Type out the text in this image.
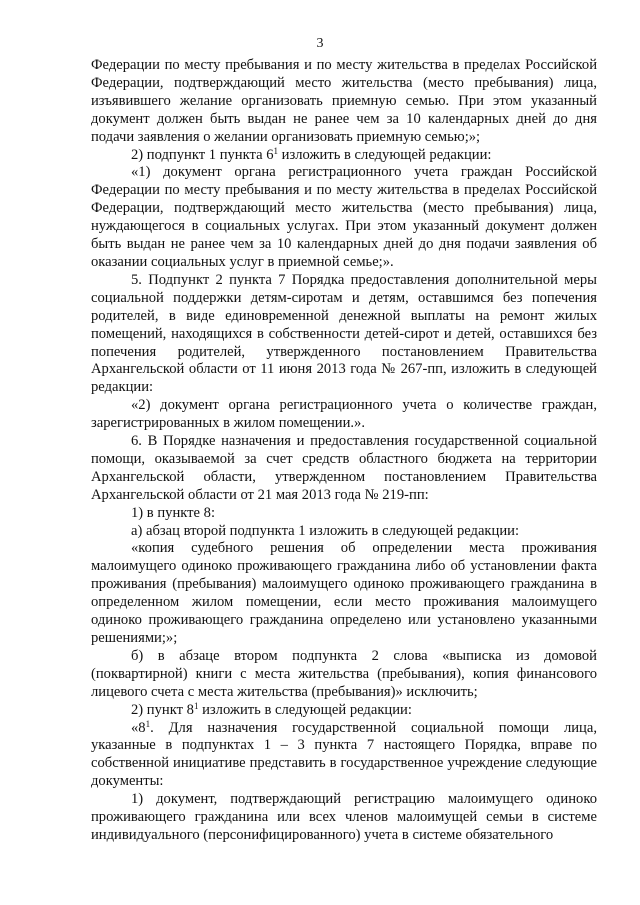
3

Федерации по месту пребывания и по месту жительства в пределах Российской Федерации, подтверждающий место жительства (место пребывания) лица, изъявившего желание организовать приемную семью. При этом указанный документ должен быть выдан не ранее чем за 10 календарных дней до дня подачи заявления о желании организовать приемную семью;»;

2) подпункт 1 пункта $6^1$ изложить в следующей редакции:

«1) документ органа регистрационного учета граждан Российской Федерации по месту пребывания и по месту жительства в пределах Российской Федерации, подтверждающий место жительства (место пребывания) лица, нуждающегося в социальных услугах. При этом указанный документ должен быть выдан не ранее чем за 10 календарных дней до дня подачи заявления об оказании социальных услуг в приемной семье;».

5. Подпункт 2 пункта 7 Порядка предоставления дополнительной меры социальной поддержки детям-сиротам и детям, оставшимся без попечения родителей, в виде единовременной денежной выплаты на ремонт жилых помещений, находящихся в собственности детей-сирот и детей, оставшихся без попечения родителей, утвержденного постановлением Правительства Архангельской области от 11 июня 2013 года № 267-пп, изложить в следующей редакции:

«2) документ органа регистрационного учета о количестве граждан, зарегистрированных в жилом помещении.».

6. В Порядке назначения и предоставления государственной социальной помощи, оказываемой за счет средств областного бюджета на территории Архангельской области, утвержденном постановлением Правительства Архангельской области от 21 мая 2013 года № 219-пп:

1) в пункте 8:

а) абзац второй подпункта 1 изложить в следующей редакции:

«копия судебного решения об определении места проживания малоимущего одиноко проживающего гражданина либо об установлении факта проживания (пребывания) малоимущего одиноко проживающего гражданина в определенном жилом помещении, если место проживания малоимущего одиноко проживающего гражданина определено или установлено указанными решениями;»;

б) в абзаце втором подпункта 2 слова «выписка из домовой (поквартирной) книги с места жительства (пребывания), копия финансового лицевого счета с места жительства (пребывания)» исключить;

2) пункт $8^1$ изложить в следующей редакции:

«$8^1$. Для назначения государственной социальной помощи лица, указанные в подпунктах 1 – 3 пункта 7 настоящего Порядка, вправе по собственной инициативе представить в государственное учреждение следующие документы:

1) документ, подтверждающий регистрацию малоимущего одиноко проживающего гражданина или всех членов малоимущей семьи в системе индивидуального (персонифицированного) учета в системе обязательного
